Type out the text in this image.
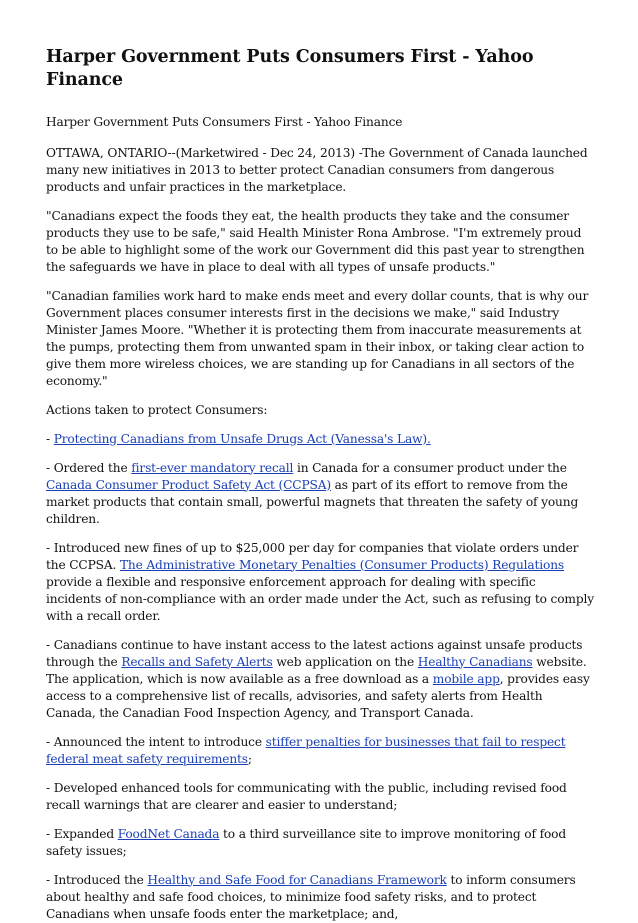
Harper Government Puts Consumers First - Yahoo Finance

Harper Government Puts Consumers First - Yahoo Finance

OTTAWA, ONTARIO--(Marketwired - Dec 24, 2013) -The Government of Canada launched many new initiatives in 2013 to better protect Canadian consumers from dangerous products and unfair practices in the marketplace.

"Canadians expect the foods they eat, the health products they take and the consumer products they use to be safe," said Health Minister Rona Ambrose. "I'm extremely proud to be able to highlight some of the work our Government did this past year to strengthen the safeguards we have in place to deal with all types of unsafe products."

"Canadian families work hard to make ends meet and every dollar counts, that is why our Government places consumer interests first in the decisions we make," said Industry Minister James Moore. "Whether it is protecting them from inaccurate measurements at the pumps, protecting them from unwanted spam in their inbox, or taking clear action to give them more wireless choices, we are standing up for Canadians in all sectors of the economy."

Actions taken to protect Consumers:

- Protecting Canadians from Unsafe Drugs Act (Vanessa's Law).

- Ordered the first-ever mandatory recall in Canada for a consumer product under the Canada Consumer Product Safety Act (CCPSA) as part of its effort to remove from the market products that contain small, powerful magnets that threaten the safety of young children.

- Introduced new fines of up to $25,000 per day for companies that violate orders under the CCPSA. The Administrative Monetary Penalties (Consumer Products) Regulations provide a flexible and responsive enforcement approach for dealing with specific incidents of non-compliance with an order made under the Act, such as refusing to comply with a recall order.

- Canadians continue to have instant access to the latest actions against unsafe products through the Recalls and Safety Alerts web application on the Healthy Canadians website. The application, which is now available as a free download as a mobile app, provides easy access to a comprehensive list of recalls, advisories, and safety alerts from Health Canada, the Canadian Food Inspection Agency, and Transport Canada.

- Announced the intent to introduce stiffer penalties for businesses that fail to respect federal meat safety requirements;

- Developed enhanced tools for communicating with the public, including revised food recall warnings that are clearer and easier to understand;

- Expanded FoodNet Canada to a third surveillance site to improve monitoring of food safety issues;

- Introduced the Healthy and Safe Food for Canadians Framework to inform consumers about healthy and safe food choices, to minimize food safety risks, and to protect Canadians when unsafe foods enter the marketplace; and,
